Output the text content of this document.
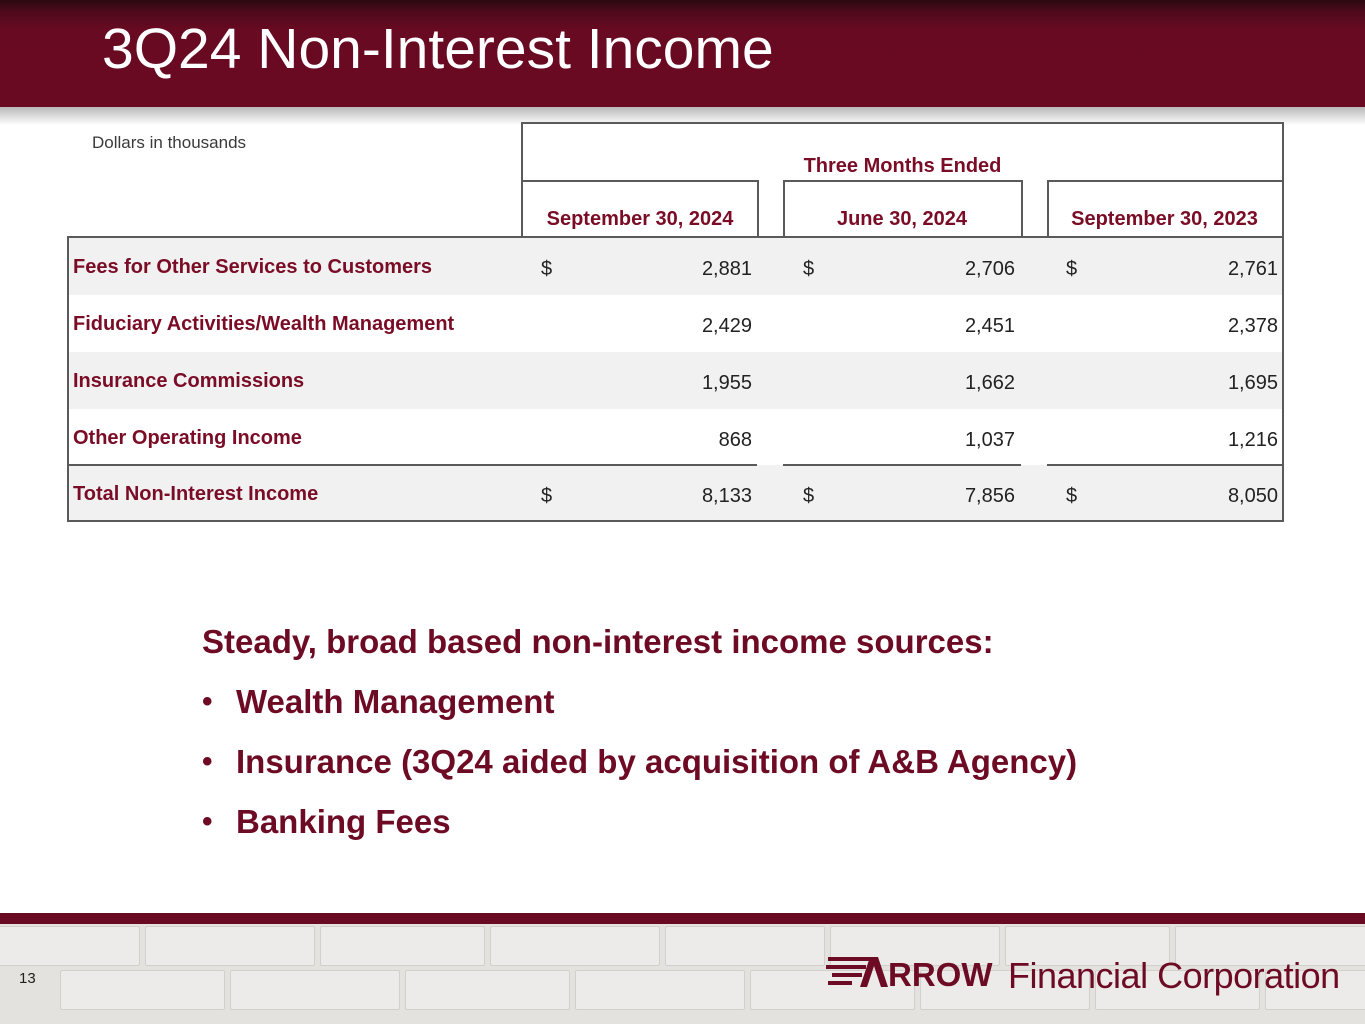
3Q24 Non-Interest Income
Dollars in thousands
Three Months Ended
September 30, 2024	June 30, 2024	September 30, 2023
Fees for Other Services to Customers	$	2,881	$	2,706	$	2,761
Fiduciary Activities/Wealth Management	2,429	2,451	2,378
Insurance Commissions	1,955	1,662	1,695
Other Operating Income	868	1,037	1,216
Total Non-Interest Income	$	8,133	$	7,856	$	8,050
Steady, broad based non-interest income sources:
• Wealth Management
• Insurance (3Q24 aided by acquisition of A&B Agency)
• Banking Fees
13	RROW Financial Corporation
